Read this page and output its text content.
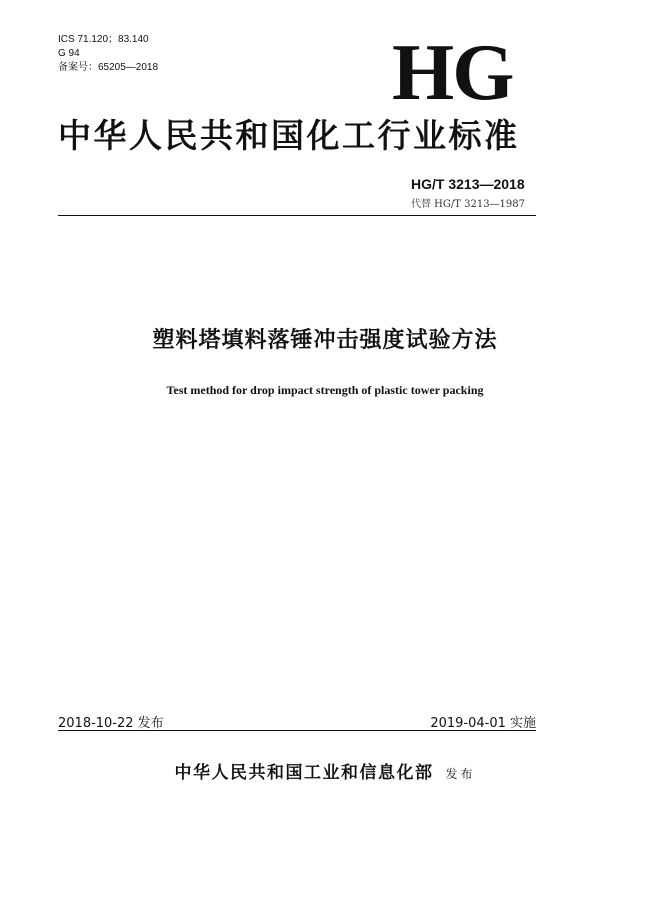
ICS 71.120；83.140
G 94
备案号：65205—2018	HG
中华人民共和国化工行业标准
HG/T 3213—2018
代替 HG/T 3213—1987
塑料塔填料落锤冲击强度试验方法
Test method for drop impact strength of plastic tower packing
2018-10-22 发布	2019-04-01 实施
中华人民共和国工业和信息化部 发布
